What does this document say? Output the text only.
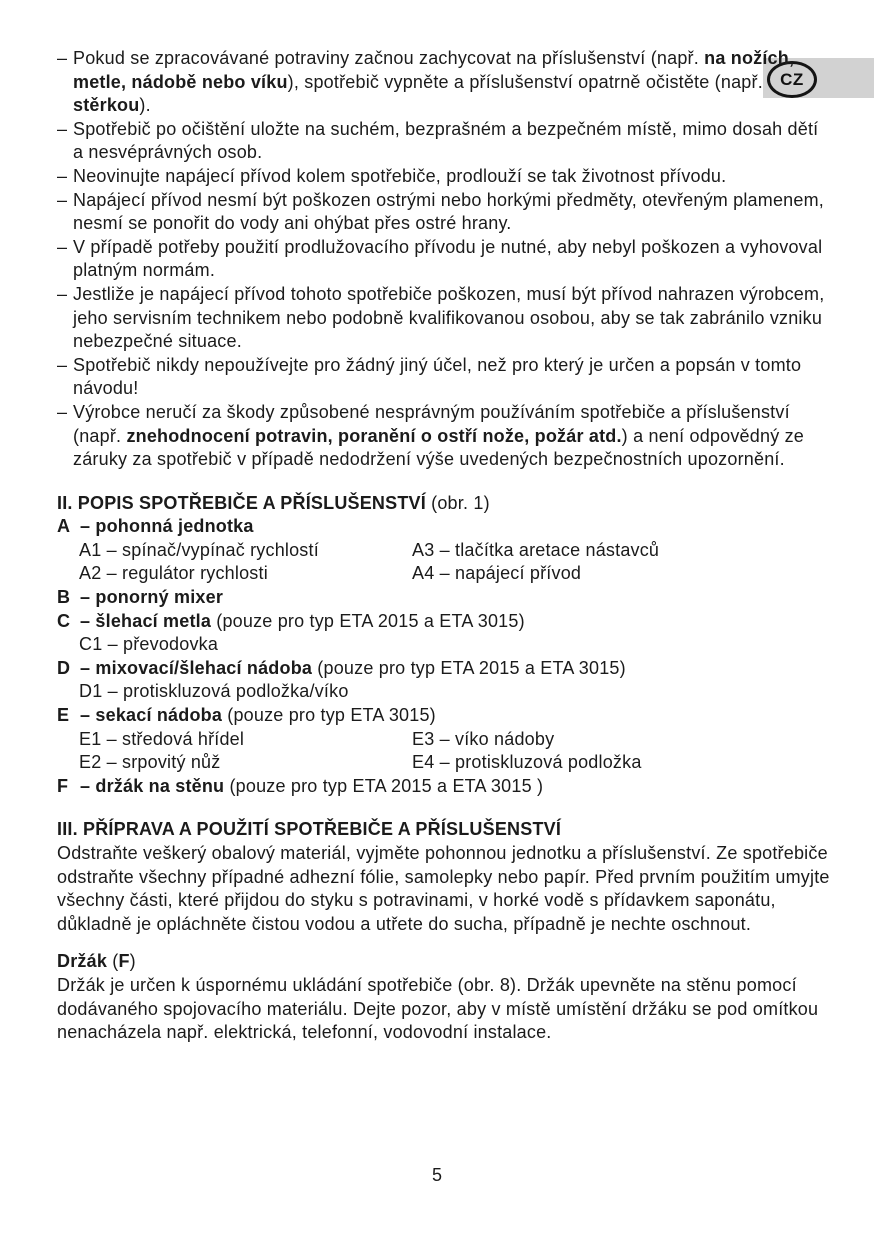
CZ
– Pokud se zpracovávané potraviny začnou zachycovat na příslušenství (např. na nožích, metle, nádobě nebo víku), spotřebič vypněte a příslušenství opatrně očistěte (např. stěrkou).
– Spotřebič po očištění uložte na suchém, bezprašném a bezpečném místě, mimo dosah dětí a nesvéprávných osob.
– Neovinujte napájecí přívod kolem spotřebiče, prodlouží se tak životnost přívodu.
– Napájecí přívod nesmí být poškozen ostrými nebo horkými předměty, otevřeným plamenem, nesmí se ponořit do vody ani ohýbat přes ostré hrany.
– V případě potřeby použití prodlužovacího přívodu je nutné, aby nebyl poškozen a vyhovoval platným normám.
– Jestliže je napájecí přívod tohoto spotřebiče poškozen, musí být přívod nahrazen výrobcem, jeho servisním technikem nebo podobně kvalifikovanou osobou, aby se tak zabránilo vzniku nebezpečné situace.
– Spotřebič nikdy nepoužívejte pro žádný jiný účel, než pro který je určen a popsán v tomto návodu!
– Výrobce neručí za škody způsobené nesprávným používáním spotřebiče a příslušenství (např. znehodnocení potravin, poranění o ostří nože, požár atd.) a není odpovědný ze záruky za spotřebič v případě nedodržení výše uvedených bezpečnostních upozornění.
II. POPIS SPOTŘEBIČE A PŘÍSLUŠENSTVÍ (obr. 1)
A – pohonná jednotka
A1 – spínač/vypínač rychlostí	A3 – tlačítka aretace nástavců
A2 – regulátor rychlosti	A4 – napájecí přívod
B – ponorný mixer
C – šlehací metla (pouze pro typ ETA 2015 a ETA 3015)
C1 – převodovka
D – mixovací/šlehací nádoba (pouze pro typ ETA 2015 a ETA 3015)
D1 – protiskluzová podložka/víko
E – sekací nádoba (pouze pro typ ETA 3015)
E1 – středová hřídel	E3 – víko nádoby
E2 – srpovitý nůž	E4 – protiskluzová podložka
F – držák na stěnu (pouze pro typ ETA 2015 a ETA 3015 )
III. PŘÍPRAVA A POUŽITÍ SPOTŘEBIČE A PŘÍSLUŠENSTVÍ

Odstraňte veškerý obalový materiál, vyjměte pohonnou jednotku a příslušenství. Ze spotřebiče odstraňte všechny případné adhezní fólie, samolepky nebo papír. Před prvním použitím umyjte všechny části, které přijdou do styku s potravinami, v horké vodě s přídavkem saponátu, důkladně je opláchněte čistou vodou a utřete do sucha, případně je nechte oschnout.

Držák (F)

Držák je určen k úspornému ukládání spotřebiče (obr. 8). Držák upevněte na stěnu pomocí dodávaného spojovacího materiálu. Dejte pozor, aby v místě umístění držáku se pod omítkou nenacházela např. elektrická, telefonní, vodovodní instalace.

5
